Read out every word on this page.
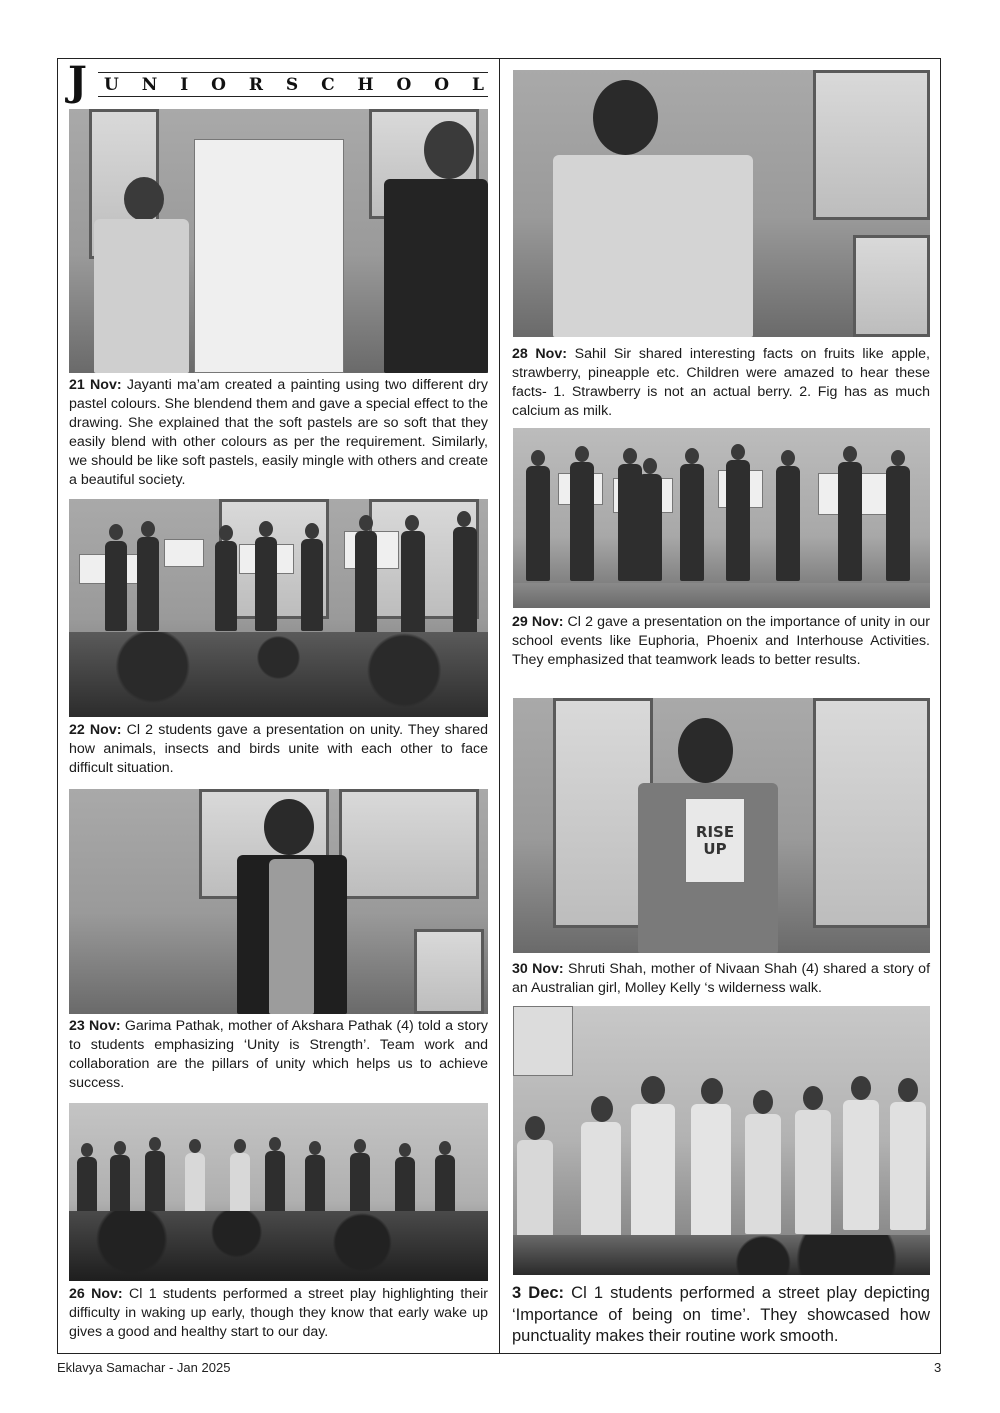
J U N I O R S C H O O L
21 Nov: Jayanti ma’am created a painting using two different dry pastel colours. She blendend them and gave a special effect to the drawing. She explained that the soft pastels are so soft that they easily blend with other colours as per the requirement. Similarly, we should be like soft pastels, easily mingle with others and create a beautiful society.
22 Nov: Cl 2 students gave a presentation on unity. They shared how animals, insects and birds unite with each other to face difficult situation.
23 Nov: Garima Pathak, mother of Akshara Pathak (4) told a story to students emphasizing ‘Unity is Strength’. Team work and collaboration are the pillars of unity which helps us to achieve success.
26 Nov: Cl 1 students performed a street play highlighting their difficulty in waking up early, though they know that early wake up gives a good and healthy start to our day.
28 Nov: Sahil Sir shared interesting facts on fruits like apple, strawberry, pineapple etc. Children were amazed to hear these facts- 1. Strawberry is not an actual berry. 2. Fig has as much calcium as milk.
29 Nov: Cl 2 gave a presentation on the importance of unity in our school events like Euphoria, Phoenix and Interhouse Activities. They emphasized that teamwork leads to better results.
RISE UP
30 Nov: Shruti Shah, mother of Nivaan Shah (4) shared a story of an Australian girl, Molley Kelly ‘s wilderness walk.
3 Dec: Cl 1 students performed a street play depicting ‘Importance of being on time’. They showcased how punctuality makes their routine work smooth.
Eklavya Samachar - Jan 2025	3
